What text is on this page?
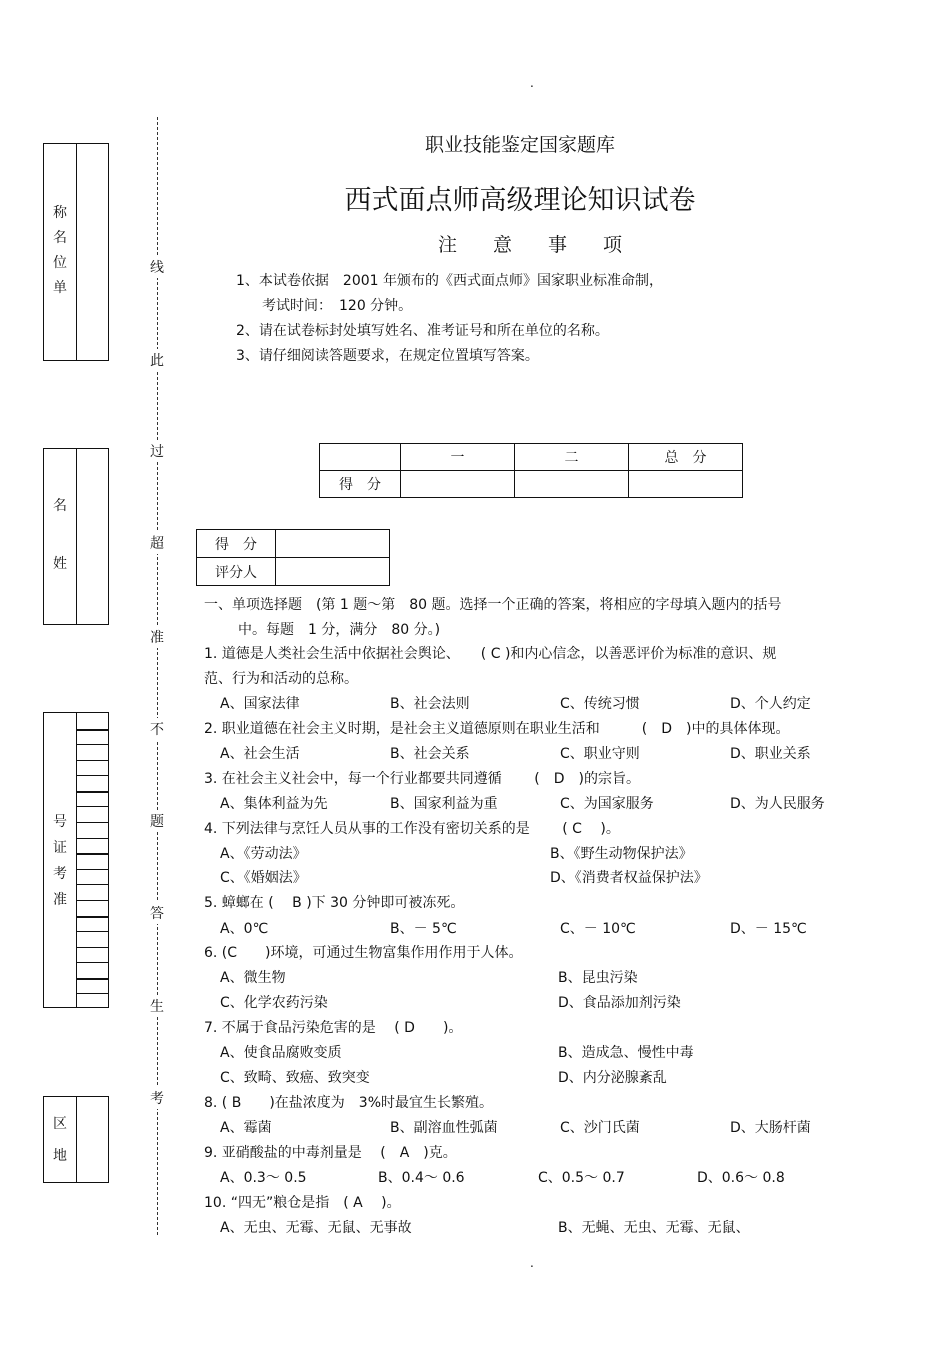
.
.
称
名
位
单
名
姓
号
证
考
准
区
地
线
此
过
超
准
不
题
答
生
考
职业技能鉴定国家题库
西式面点师高级理论知识试卷
注意事项
1、本试卷依据　2001 年颁布的《西式面点师》国家职业标准命制，
考试时间：　120 分钟。
2、请在试卷标封处填写姓名、准考证号和所在单位的名称。
3、请仔细阅读答题要求，在规定位置填写答案。
	一	二	总　分
得　分			
得　分	
评分人	
一、单项选择题　(第 1 题～第　80 题。选择一个正确的答案，将相应的字母填入题内的括号
中。每题　1 分，满分　80 分。)
1. 道德是人类社会生活中依据社会舆论、　　( C )和内心信念，以善恶评价为标准的意识、规
范、行为和活动的总称。
A、国家法律	B、社会法则	C、传统习惯	D、个人约定
2. 职业道德在社会主义时期，是社会主义道德原则在职业生活和　　　(　D　)中的具体体现。
A、社会生活	B、社会关系	C、职业守则	D、职业关系
3. 在社会主义社会中，每一个行业都要共同遵循　　 (　D　)的宗旨。
A、集体利益为先	B、国家利益为重	C、为国家服务	D、为人民服务
4. 下列法律与烹饪人员从事的工作没有密切关系的是　　 ( C　 )。
A、《劳动法》	B、《野生动物保护法》
C、《婚姻法》	D、《消费者权益保护法》
5. 蟑螂在 (　 B )下 30 分钟即可被冻死。
A、0℃	B、－ 5℃	C、－ 10℃	D、－ 15℃
6. (C　　)环境，可通过生物富集作用作用于人体。
A、微生物	B、昆虫污染
C、化学农药污染	D、食品添加剂污染
7. 不属于食品污染危害的是　 ( D　　)。
A、使食品腐败变质	B、造成急、慢性中毒
C、致畸、致癌、致突变	D、内分泌腺紊乱
8. ( B　　)在盐浓度为　3%时最宜生长繁殖。
A、霉菌	B、副溶血性弧菌	C、沙门氏菌	D、大肠杆菌
9. 亚硝酸盐的中毒剂量是　 (　A　)克。
A、0.3～ 0.5	B、0.4～ 0.6	C、0.5～ 0.7	D、0.6～ 0.8
10. “四无”粮仓是指　( A　 )。
A、无虫、无霉、无鼠、无事故	B、无蝇、无虫、无霉、无鼠、
